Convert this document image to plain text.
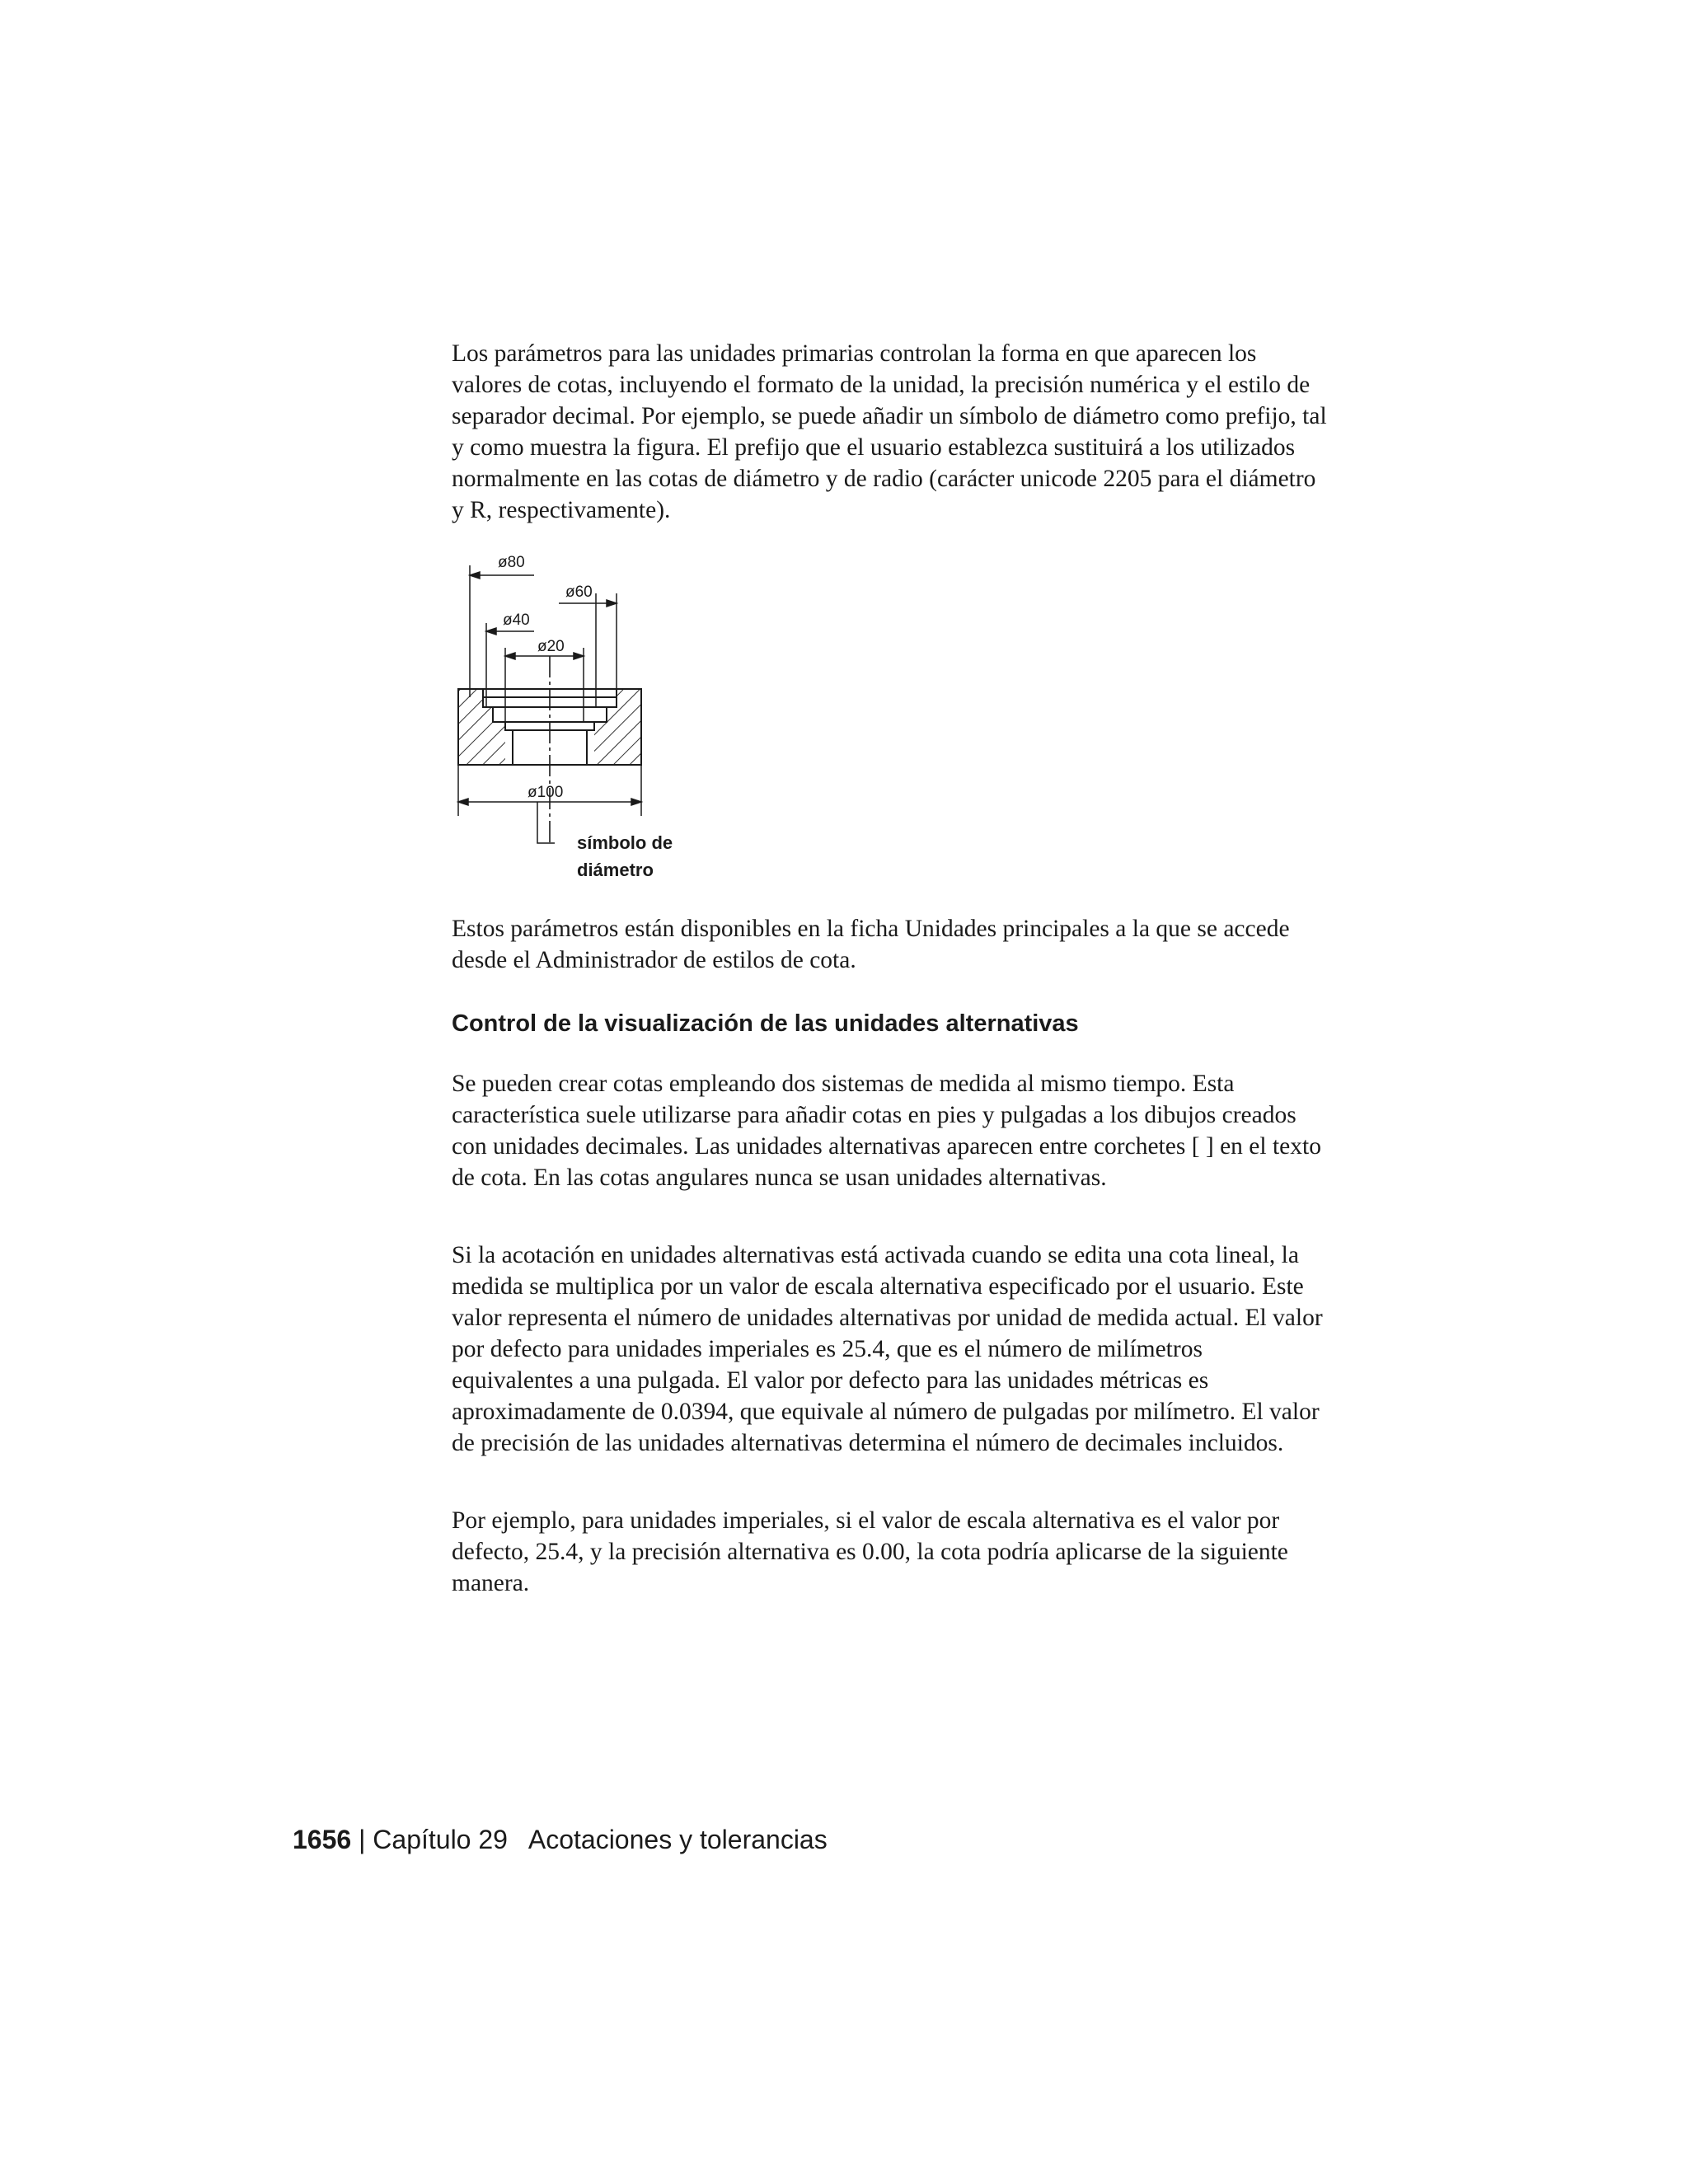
Los parámetros para las unidades primarias controlan la forma en que aparecen los valores de cotas, incluyendo el formato de la unidad, la precisión numérica y el estilo de separador decimal. Por ejemplo, se puede añadir un símbolo de diámetro como prefijo, tal y como muestra la figura. El prefijo que el usuario establezca sustituirá a los utilizados normalmente en las cotas de diámetro y de radio (carácter unicode 2205 para el diámetro y R, respectivamente).

ø80
ø60
ø40
ø20
ø100
símbolo de
diámetro

Estos parámetros están disponibles en la ficha Unidades principales a la que se accede desde el Administrador de estilos de cota.

Control de la visualización de las unidades alternativas

Se pueden crear cotas empleando dos sistemas de medida al mismo tiempo. Esta característica suele utilizarse para añadir cotas en pies y pulgadas a los dibujos creados con unidades decimales. Las unidades alternativas aparecen entre corchetes [ ] en el texto de cota. En las cotas angulares nunca se usan unidades alternativas.

Si la acotación en unidades alternativas está activada cuando se edita una cota lineal, la medida se multiplica por un valor de escala alternativa especificado por el usuario. Este valor representa el número de unidades alternativas por unidad de medida actual. El valor por defecto para unidades imperiales es 25.4, que es el número de milímetros equivalentes a una pulgada. El valor por defecto para las unidades métricas es aproximadamente de 0.0394, que equivale al número de pulgadas por milímetro. El valor de precisión de las unidades alternativas determina el número de decimales incluidos.

Por ejemplo, para unidades imperiales, si el valor de escala alternativa es el valor por defecto, 25.4, y la precisión alternativa es 0.00, la cota podría aplicarse de la siguiente manera.

1656 | Capítulo 29 Acotaciones y tolerancias
